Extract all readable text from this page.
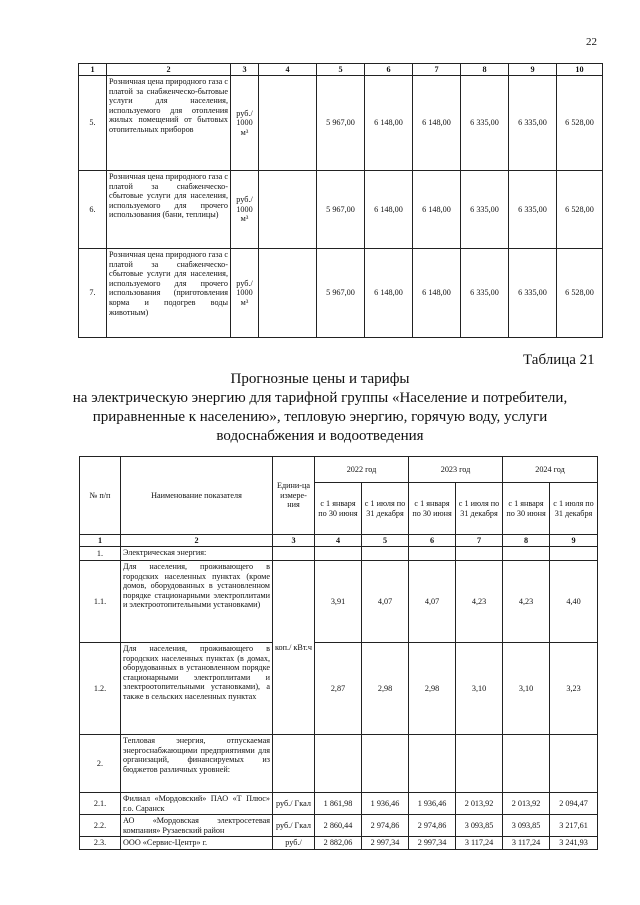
22
1	2	3	4	5	6	7	8	9	10
5.	Розничная цена природного газа с платой за снабженческо-бытовые услуги для населения, используемого для отопления жилых помещений от бытовых отопительных приборов	руб./ 1000 м³		5 967,00	6 148,00	6 148,00	6 335,00	6 335,00	6 528,00
6.	Розничная цена природного газа с платой за снабженческо-сбытовые услуги для населения, используемого для прочего использования (бани, теплицы)	руб./ 1000 м³		5 967,00	6 148,00	6 148,00	6 335,00	6 335,00	6 528,00
7.	Розничная цена природного газа с платой за снабженческо-сбытовые услуги для населения, используемого для прочего использования (приготовления корма и подогрев воды животным)	руб./ 1000 м³		5 967,00	6 148,00	6 148,00	6 335,00	6 335,00	6 528,00
Таблица 21
Прогнозные цены и тарифы
на электрическую энергию для тарифной группы «Население и потребители,
приравненные к населению», тепловую энергию, горячую воду, услуги
водоснабжения и водоотведения
№ п/п	Наименование показателя	Едини-ца измере-ния	2022 год		2023 год		2024 год	
			с 1 января по 30 июня	с 1 июля по 31 декабря	с 1 января по 30 июня	с 1 июля по 31 декабря	с 1 января по 30 июня	с 1 июля по 31 декабря
1	2	3	4	5	6	7	8	9
1.	Электрическая энергия:							
1.1.	Для населения, проживающего в городских населенных пунктах (кроме домов, оборудованных в установленном порядке стационарными электроплитами и электроотопительными установками)	коп./ кВт.ч	3,91	4,07	4,07	4,23	4,23	4,40
1.2.	Для населения, проживающего в городских населенных пунктах (в домах, оборудованных в установленном порядке стационарными электроплитами и электроотопительными установками), а также в сельских населенных пунктах		2,87	2,98	2,98	3,10	3,10	3,23
2.	Тепловая энергия, отпускаемая энергоснабжающими предприятиями для организаций, финансируемых из бюджетов различных уровней:							
2.1.	Филиал «Мордовский» ПАО «Т Плюс» г.о. Саранск	руб./ Гкал	1 861,98	1 936,46	1 936,46	2 013,92	2 013,92	2 094,47
2.2.	АО «Мордовская электросетевая компания» Рузаевский район	руб./ Гкал	2 860,44	2 974,86	2 974,86	3 093,85	3 093,85	3 217,61
2.3.	ООО «Сервис-Центр» г.	руб./	2 882,06	2 997,34	2 997,34	3 117,24	3 117,24	3 241,93
